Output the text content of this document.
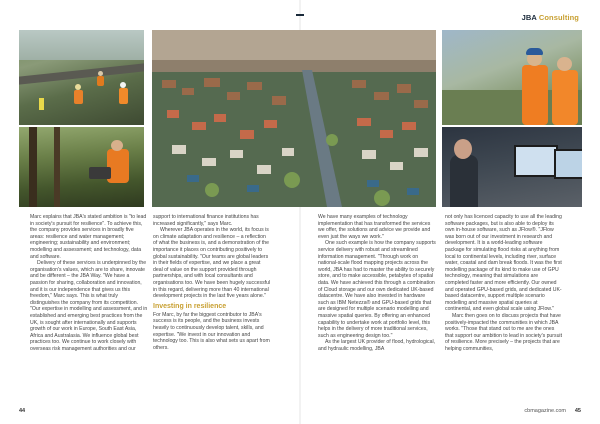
JBA Consulting

Marc explains that JBA's stated ambition is "to lead in society's pursuit for resilience". To achieve this, the company provides services in broadly five areas: resilience and water management; engineering; sustainability and environment; modelling and assessment; and technology, data and software.

Delivery of these services is underpinned by the organisation's values, which are to share, innovate and be different – the JBA Way. "We have a passion for sharing, collaboration and innovation, and it is our independence that gives us this freedom," Marc says. This is what truly distinguishes the company from its competition. "Our expertise in modelling and assessment, and in established and emerging best practices from the UK, is sought after internationally and supports growth of our work in Europe, South East Asia, Africa and Australasia. We influence global best practices too. We continue to work closely with overseas risk management authorities and our

support to international finance institutions has increased significantly," says Marc.

Wherever JBA operates in the world, its focus is on climate adaptation and resilience – a reflection of what the business is, and a demonstration of the importance it places on contributing positively to global sustainability. "Our teams are global leaders in their fields of expertise, and we place a great deal of value on the support provided through partnerships, and with local consultants and organisations too. We have been hugely successful in this regard, delivering more than 40 international development projects in the last five years alone."

Investing in resilience

For Marc, by far the biggest contributor to JBA's success is its people, and the business invests heavily to continuously develop talent, skills, and expertise. "We invest in our innovation and technology too. This is also what sets us apart from others.

We have many examples of technology implementation that has transformed the services we offer, the solutions and advice we provide and even just the ways we work."

One such example is how the company supports service delivery with robust and streamlined information management. "Through work on national-scale flood mapping projects across the world, JBA has had to master the ability to securely store, and to make accessible, petabytes of spatial data. We have achieved this through a combination of Cloud storage and our own dedicated UK-based datacentre. We have also invested in hardware such as IBM Netezza® and GPU-based grids that are designed for multiple scenario modelling and massive spatial queries. By offering an enhanced capability to undertake work at portfolio level, this helps in the delivery of more traditional services, such as engineering design too."

As the largest UK provider of flood, hydrological, and hydraulic modelling, JBA

not only has licenced capacity to use all the leading software packages, but is also able to deploy its own in-house software, such as JFlow®. "JFlow was born out of our investment in research and development. It is a world-leading software package for simulating flood risks at anything from local to continental levels, including river, surface water, coastal and dam break floods. It was the first modelling package of its kind to make use of GPU technology, meaning that simulations are completed faster and more efficiently. Our owned and operated GPU-based grids, and dedicated UK-based datacentre, support multiple scenario modelling and massive spatial queries at continental, and even global scale using JFlow."

Marc then goes on to discuss projects that have positively-impacted the communities in which JBA works. "Those that stand out to me are the ones that support our ambition to lead in society's pursuit of resilience. More precisely – the projects that are helping communities,

44	cbmagazine.com 45
